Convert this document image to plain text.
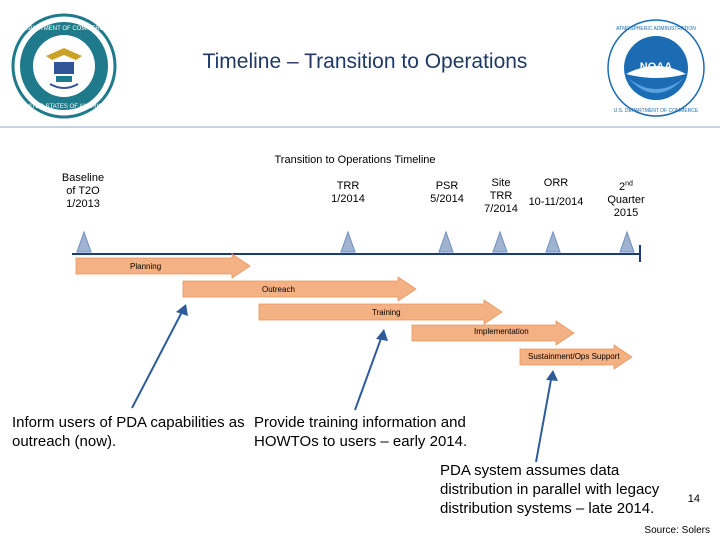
DEPARTMENT OF COMMERCE
UNITED STATES OF AMERICA
Timeline – Transition to Operations	NOAA
ATMOSPHERIC ADMINISTRATION
U.S. DEPARTMENT OF COMMERCE
Transition to Operations Timeline
Baseline
of T2O
1/2013
TRR
1/2014
PSR
5/2014
Site
TRR
7/2014
ORR
10-11/2014
2nd
Quarter
2015
Planning
Outreach
Training
Implementation
Sustainment/Ops Support
Inform users of PDA capabilities as outreach (now).
Provide training information and HOWTOs to users – early 2014.
PDA system assumes data distribution in parallel with legacy distribution systems – late 2014.
14
Source: Solers
